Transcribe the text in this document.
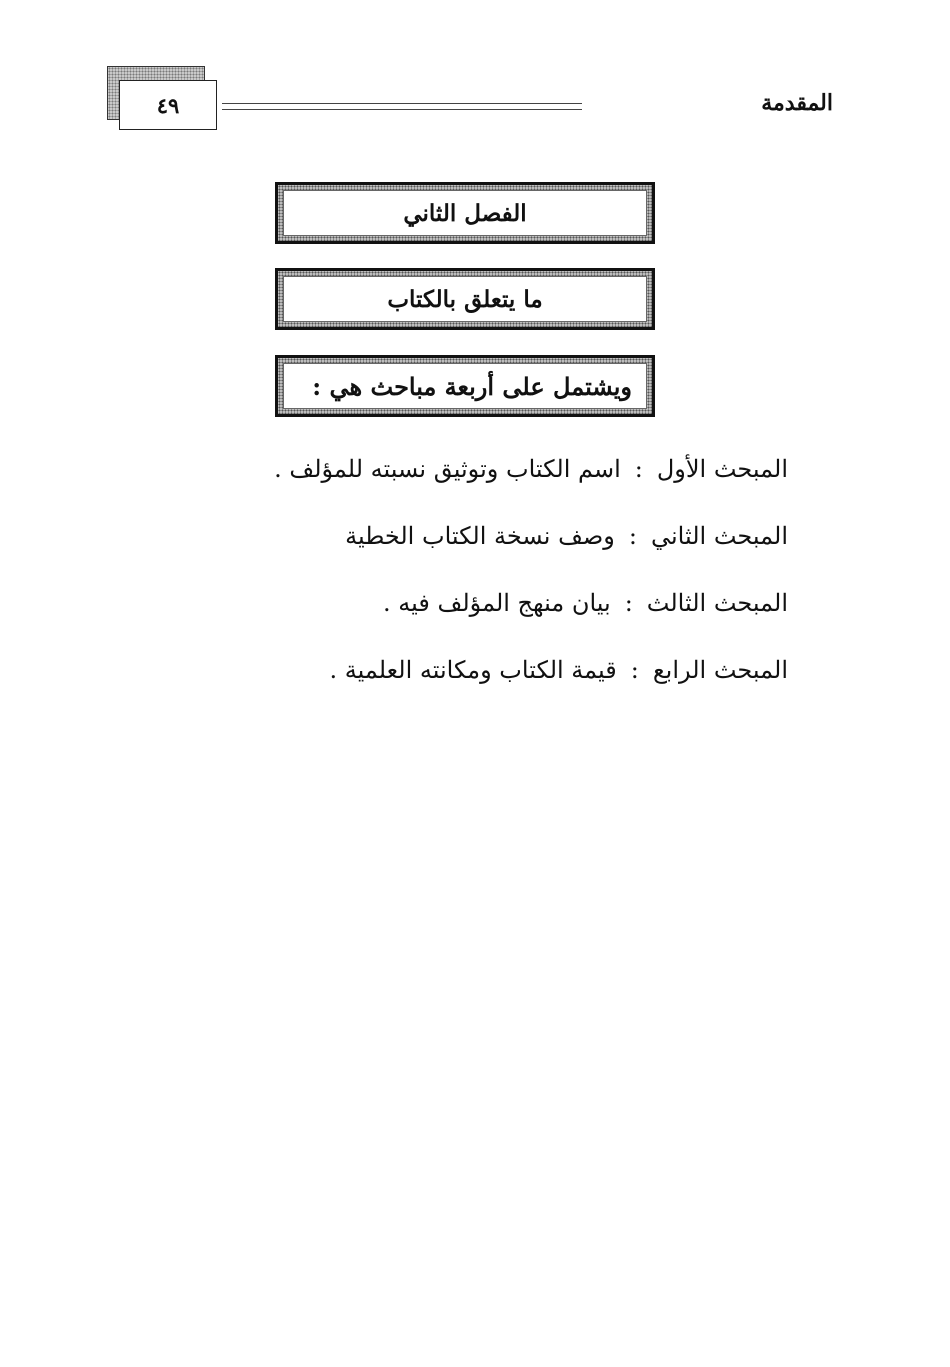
٤٩	المقدمة
الفصل الثاني
ما يتعلق بالكتاب
ويشتمل على أربعة مباحث هي :
المبحث الأول:اسم الكتاب وتوثيق نسبته للمؤلف .
المبحث الثاني:وصف نسخة الكتاب الخطية
المبحث الثالث:بيان منهج المؤلف فيه .
المبحث الرابع:قيمة الكتاب ومكانته العلمية .
